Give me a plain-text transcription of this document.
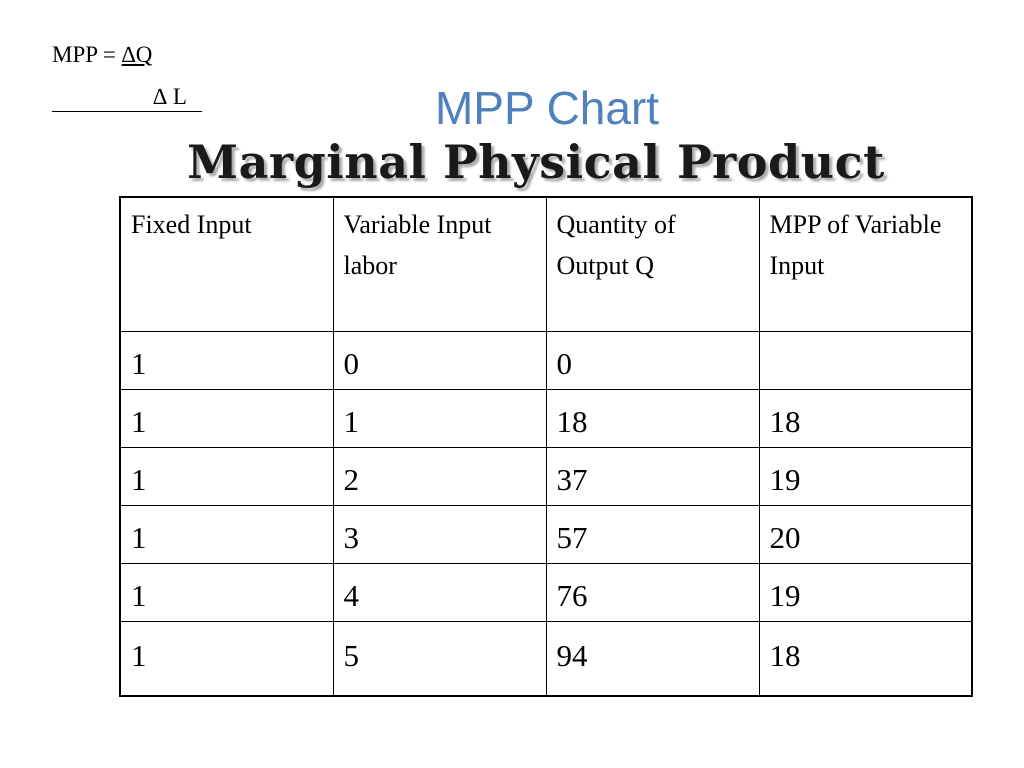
MPP = ∆Q
∆ L	MPP Chart
Marginal Physical Product
Fixed Input	Variable Input labor	Quantity of Output Q	MPP of Variable Input
1	0	0	
1	1	18	18
1	2	37	19
1	3	57	20
1	4	76	19
1	5	94	18
